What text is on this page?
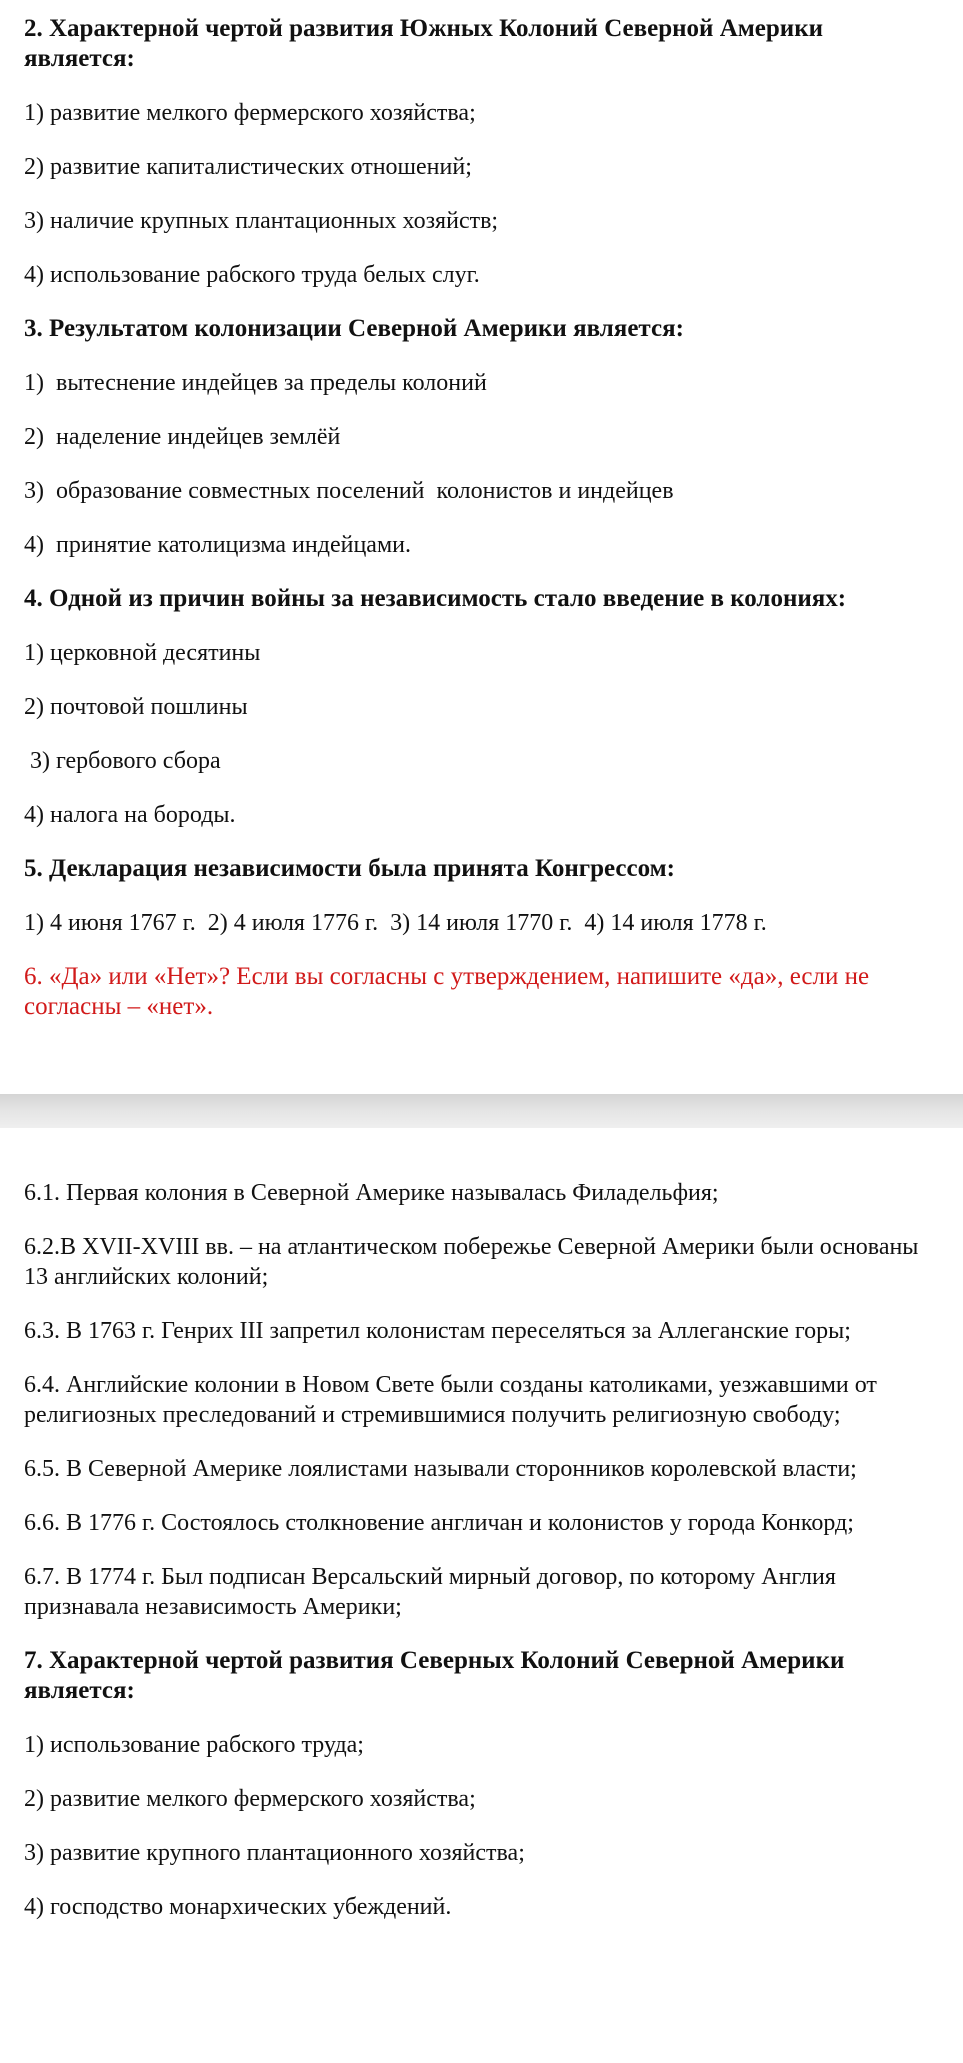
2. Характерной чертой развития Южных Колоний Северной Америки является:
1) развитие мелкого фермерского хозяйства;
2) развитие капиталистических отношений;
3) наличие крупных плантационных хозяйств;
4) использование рабского труда белых слуг.
3. Результатом колонизации Северной Америки является:
1)  вытеснение индейцев за пределы колоний
2)  наделение индейцев землёй
3)  образование совместных поселений  колонистов и индейцев
4)  принятие католицизма индейцами.
4. Одной из причин войны за независимость стало введение в колониях:
1) церковной десятины
2) почтовой пошлины
3) гербового сбора
4) налога на бороды.
5. Декларация независимости была принята Конгрессом:
1) 4 июня 1767 г.  2) 4 июля 1776 г.  3) 14 июля 1770 г.  4) 14 июля 1778 г.
6. «Да» или «Нет»? Если вы согласны с утверждением, напишите «да», если не согласны – «нет».
6.1. Первая колония в Северной Америке называлась Филадельфия;
6.2.В XVII-XVIII вв. – на атлантическом побережье Северной Америки были основаны 13 английских колоний;
6.3. В 1763 г. Генрих III запретил колонистам переселяться за Аллеганские горы;
6.4. Английские колонии в Новом Свете были созданы католиками, уезжавшими от религиозных преследований и стремившимися получить религиозную свободу;
6.5. В Северной Америке лоялистами называли сторонников королевской власти;
6.6. В 1776 г. Состоялось столкновение англичан и колонистов у города Конкорд;
6.7. В 1774 г. Был подписан Версальский мирный договор, по которому Англия признавала независимость Америки;
7. Характерной чертой развития Северных Колоний Северной Америки является:
1) использование рабского труда;
2) развитие мелкого фермерского хозяйства;
3) развитие крупного плантационного хозяйства;
4) господство монархических убеждений.
